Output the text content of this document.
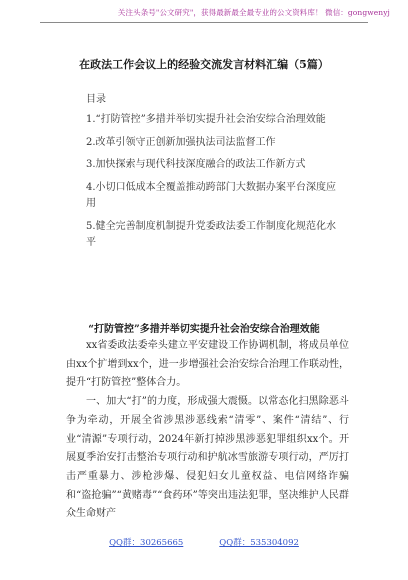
关注头条号"公文研究"，获得最新最全最专业的公文资料库！ 微信：gongwenyj
在政法工作会议上的经验交流发言材料汇编（5篇）
目录
1.“打防管控”多措并举切实提升社会治安综合治理效能
2.改革引领守正创新加强执法司法监督工作
3.加快探索与现代科技深度融合的政法工作新方式
4.小切口低成本全覆盖推动跨部门大数据办案平台深度应用
5.健全完善制度机制提升党委政法委工作制度化规范化水平
“打防管控”多措并举切实提升社会治安综合治理效能

xx省委政法委牵头建立平安建设工作协调机制，将成员单位由xx个扩增到xx个，进一步增强社会治安综合治理工作联动性，提升“打防管控”整体合力。

一、加大“打”的力度，形成强大震慑。以常态化扫黑除恶斗争为牵动，开展全省涉黑涉恶线索“清零”、案件“清结”、行业“清源”专项行动，2024年新打掉涉黑涉恶犯罪组织xx个。开展夏季治安打击整治专项行动和护航冰雪旅游专项行动，严厉打击严重暴力、涉枪涉爆、侵犯妇女儿童权益、电信网络诈骗和“盗抢骗”“黄赌毒”“食药环”等突出违法犯罪，坚决维护人民群众生命财产

QQ群：30265665	QQ群：535304092
